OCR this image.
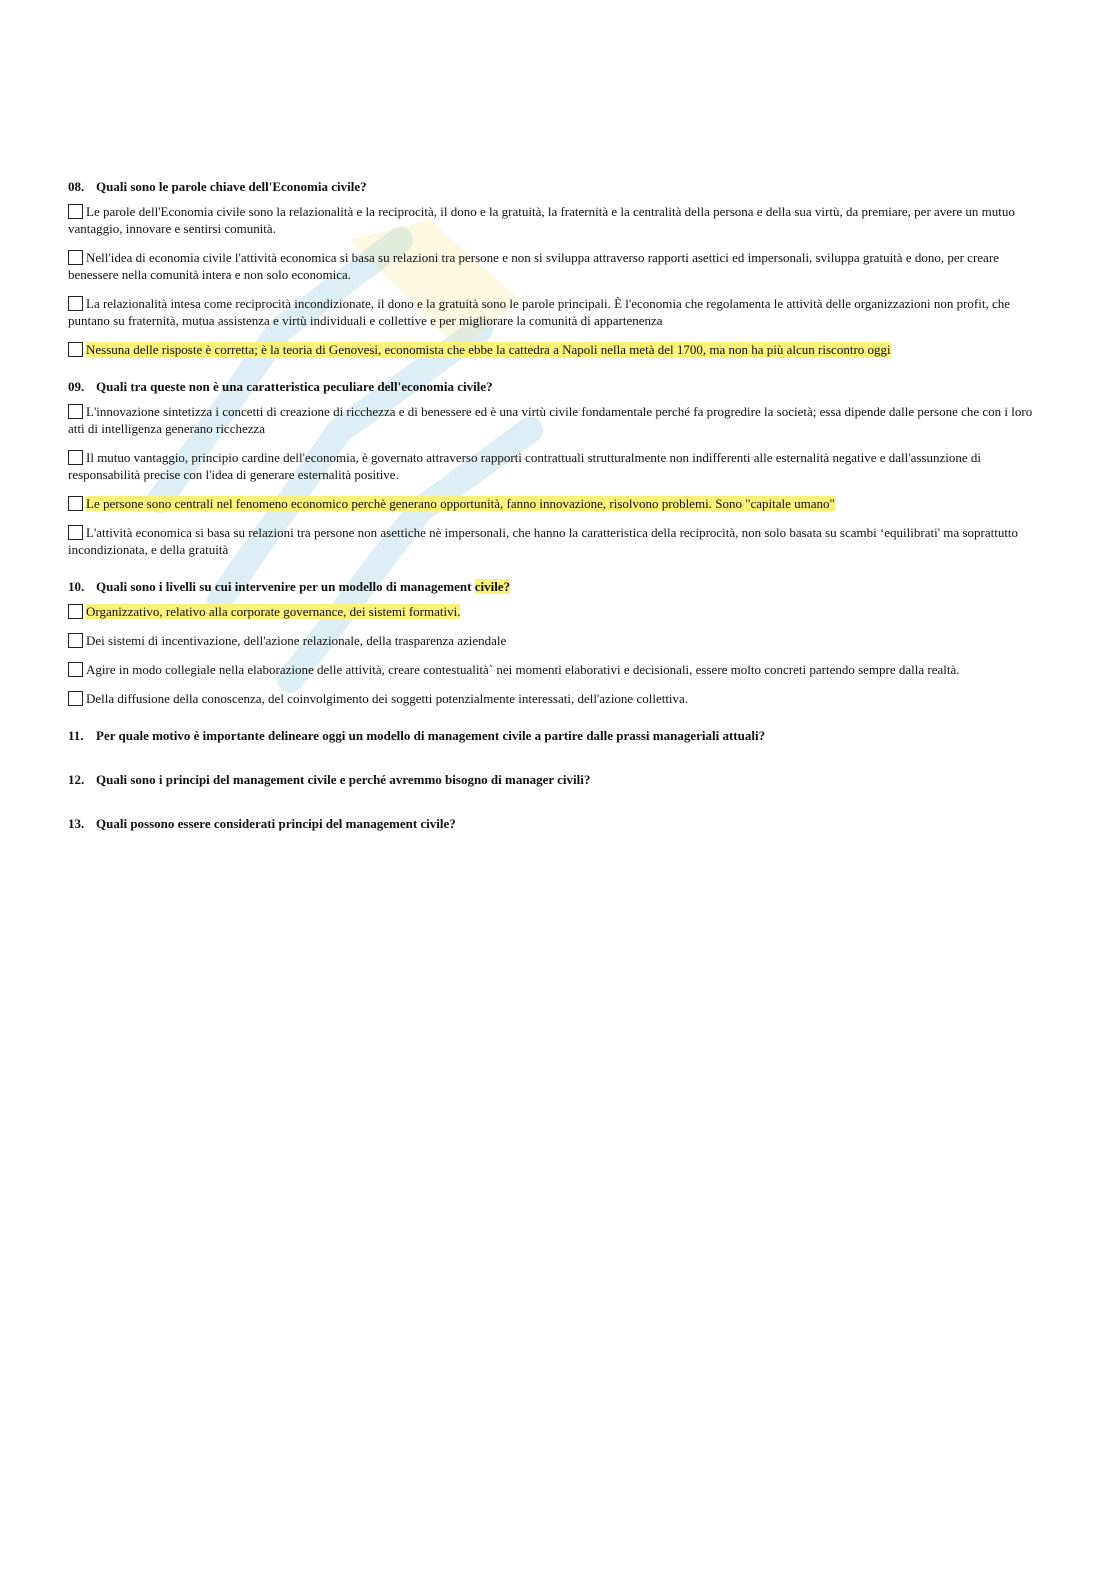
08. Quali sono le parole chiave dell'Economia civile?
Le parole dell'Economia civile sono la relazionalità e la reciprocità, il dono e la gratuità, la fraternità e la centralità della persona e della sua virtù, da premiare, per avere un mutuo vantaggio, innovare e sentirsi comunità.
Nell'idea di economia civile l'attività economica si basa su relazioni tra persone e non si sviluppa attraverso rapporti asettici ed impersonali, sviluppa gratuità e dono, per creare benessere nella comunità intera e non solo economica.
La relazionalità intesa come reciprocità incondizionate, il dono e la gratuità sono le parole principali. È l'economia che regolamenta le attività delle organizzazioni non profit, che puntano su fraternità, mutua assistenza e virtù individuali e collettive e per migliorare la comunità di appartenenza
Nessuna delle risposte è corretta; è la teoria di Genovesi, economista che ebbe la cattedra a Napoli nella metà del 1700, ma non ha più alcun riscontro oggi
09. Quali tra queste non è una caratteristica peculiare dell'economia civile?
L'innovazione sintetizza i concetti di creazione di ricchezza e di benessere ed è una virtù civile fondamentale perché fa progredire la società; essa dipende dalle persone che con i loro atti di intelligenza generano ricchezza
Il mutuo vantaggio, principio cardine dell'economia, è governato attraverso rapporti contrattuali strutturalmente non indifferenti alle esternalità negative e dall'assunzione di responsabilità precise con l'idea di generare esternalità positive.
Le persone sono centrali nel fenomeno economico perchè generano opportunità, fanno innovazione, risolvono problemi. Sono "capitale umano"
L'attività economica si basa su relazioni tra persone non asettiche nè impersonali, che hanno la caratteristica della reciprocità, non solo basata su scambi ‘equilibrati' ma soprattutto incondizionata, e della gratuità
10. Quali sono i livelli su cui intervenire per un modello di management civile?
Organizzativo, relativo alla corporate governance, dei sistemi formativi.
Dei sistemi di incentivazione, dell'azione relazionale, della trasparenza aziendale
Agire in modo collegiale nella elaborazione delle attività, creare contestualità` nei momenti elaborativi e decisionali, essere molto concreti partendo sempre dalla realtà.
Della diffusione della conoscenza, del coinvolgimento dei soggetti potenzialmente interessati, dell'azione collettiva.
11. Per quale motivo è importante delineare oggi un modello di management civile a partire dalle prassi manageriali attuali?
12. Quali sono i principi del management civile e perché avremmo bisogno di manager civili?
13. Quali possono essere considerati principi del management civile?
